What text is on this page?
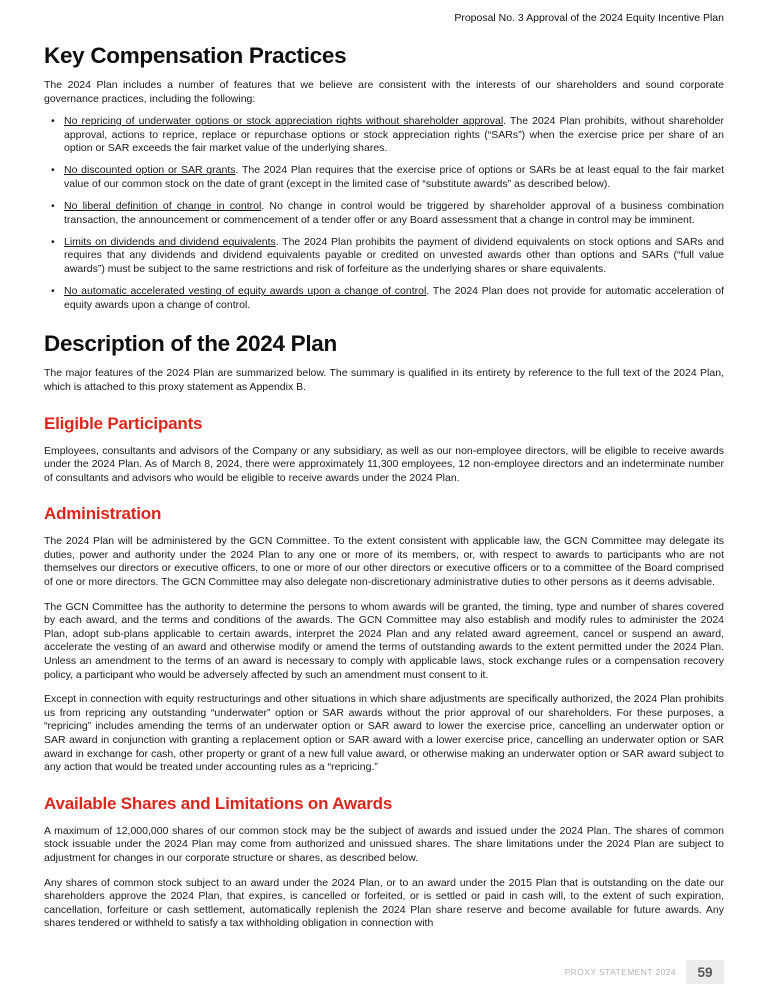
Proposal No. 3 Approval of the 2024 Equity Incentive Plan

Key Compensation Practices

The 2024 Plan includes a number of features that we believe are consistent with the interests of our shareholders and sound corporate governance practices, including the following:

• No repricing of underwater options or stock appreciation rights without shareholder approval. The 2024 Plan prohibits, without shareholder approval, actions to reprice, replace or repurchase options or stock appreciation rights (“SARs”) when the exercise price per share of an option or SAR exceeds the fair market value of the underlying shares.
• No discounted option or SAR grants. The 2024 Plan requires that the exercise price of options or SARs be at least equal to the fair market value of our common stock on the date of grant (except in the limited case of “substitute awards” as described below).
• No liberal definition of change in control. No change in control would be triggered by shareholder approval of a business combination transaction, the announcement or commencement of a tender offer or any Board assessment that a change in control may be imminent.
• Limits on dividends and dividend equivalents. The 2024 Plan prohibits the payment of dividend equivalents on stock options and SARs and requires that any dividends and dividend equivalents payable or credited on unvested awards other than options and SARs (“full value awards”) must be subject to the same restrictions and risk of forfeiture as the underlying shares or share equivalents.
• No automatic accelerated vesting of equity awards upon a change of control. The 2024 Plan does not provide for automatic acceleration of equity awards upon a change of control.
Description of the 2024 Plan

The major features of the 2024 Plan are summarized below. The summary is qualified in its entirety by reference to the full text of the 2024 Plan, which is attached to this proxy statement as Appendix B.

Eligible Participants

Employees, consultants and advisors of the Company or any subsidiary, as well as our non-employee directors, will be eligible to receive awards under the 2024 Plan. As of March 8, 2024, there were approximately 11,300 employees, 12 non-employee directors and an indeterminate number of consultants and advisors who would be eligible to receive awards under the 2024 Plan.

Administration

The 2024 Plan will be administered by the GCN Committee. To the extent consistent with applicable law, the GCN Committee may delegate its duties, power and authority under the 2024 Plan to any one or more of its members, or, with respect to awards to participants who are not themselves our directors or executive officers, to one or more of our other directors or executive officers or to a committee of the Board comprised of one or more directors. The GCN Committee may also delegate non-discretionary administrative duties to other persons as it deems advisable.

The GCN Committee has the authority to determine the persons to whom awards will be granted, the timing, type and number of shares covered by each award, and the terms and conditions of the awards. The GCN Committee may also establish and modify rules to administer the 2024 Plan, adopt sub-plans applicable to certain awards, interpret the 2024 Plan and any related award agreement, cancel or suspend an award, accelerate the vesting of an award and otherwise modify or amend the terms of outstanding awards to the extent permitted under the 2024 Plan. Unless an amendment to the terms of an award is necessary to comply with applicable laws, stock exchange rules or a compensation recovery policy, a participant who would be adversely affected by such an amendment must consent to it.

Except in connection with equity restructurings and other situations in which share adjustments are specifically authorized, the 2024 Plan prohibits us from repricing any outstanding “underwater” option or SAR awards without the prior approval of our shareholders. For these purposes, a “repricing” includes amending the terms of an underwater option or SAR award to lower the exercise price, cancelling an underwater option or SAR award in conjunction with granting a replacement option or SAR award with a lower exercise price, cancelling an underwater option or SAR award in exchange for cash, other property or grant of a new full value award, or otherwise making an underwater option or SAR award subject to any action that would be treated under accounting rules as a “repricing.”

Available Shares and Limitations on Awards

A maximum of 12,000,000 shares of our common stock may be the subject of awards and issued under the 2024 Plan. The shares of common stock issuable under the 2024 Plan may come from authorized and unissued shares. The share limitations under the 2024 Plan are subject to adjustment for changes in our corporate structure or shares, as described below.

Any shares of common stock subject to an award under the 2024 Plan, or to an award under the 2015 Plan that is outstanding on the date our shareholders approve the 2024 Plan, that expires, is cancelled or forfeited, or is settled or paid in cash will, to the extent of such expiration, cancellation, forfeiture or cash settlement, automatically replenish the 2024 Plan share reserve and become available for future awards. Any shares tendered or withheld to satisfy a tax withholding obligation in connection with

PROXY STATEMENT 2024	59
